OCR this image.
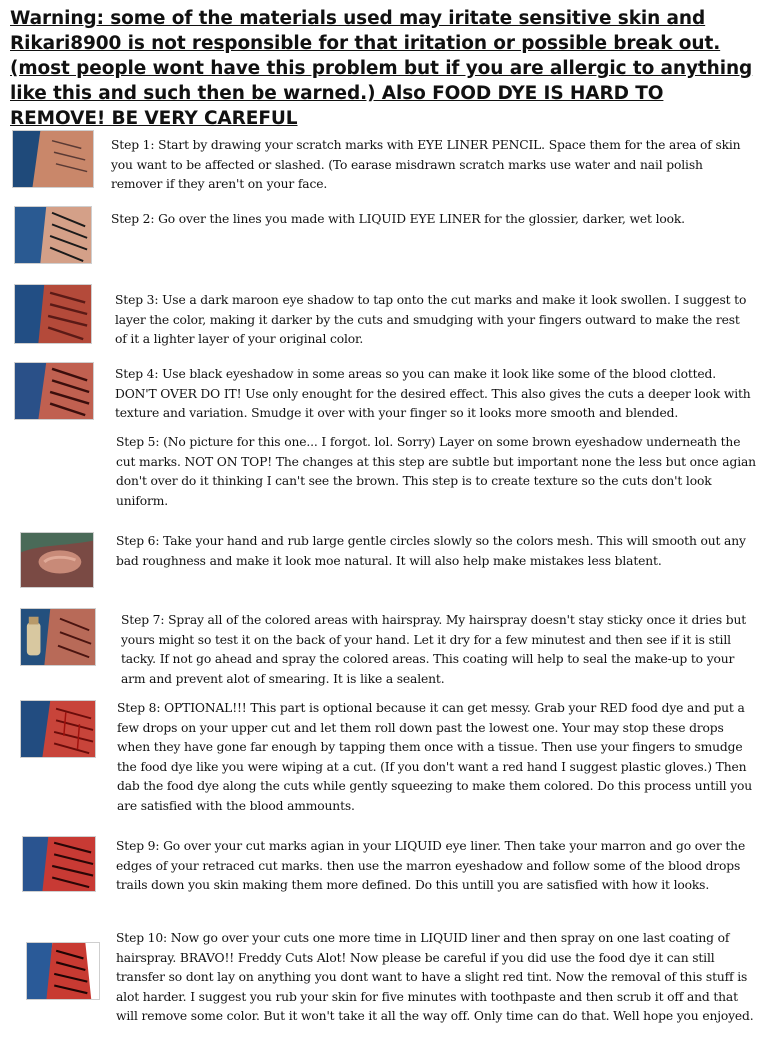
Warning: some of the materials used may iritate sensitive skin and Rikari8900 is not responsible for that iritation or possible break out. (most people wont have this problem but if you are allergic to anything like this and such then be warned.) Also FOOD DYE IS HARD TO REMOVE! BE VERY CAREFUL
Step 1: Start by drawing your scratch marks with EYE LINER PENCIL. Space them for the area of skin you want to be affected or slashed. (To earase misdrawn scratch marks use water and nail polish remover if they aren't on your face.
Step 2: Go over the lines you made with LIQUID EYE LINER for the glossier, darker, wet look.
Step 3: Use a dark maroon eye shadow to tap onto the cut marks and make it look swollen. I suggest to layer the color, making it darker by the cuts and smudging with your fingers outward to make the rest of it a lighter layer of your original color.
Step 4: Use black eyeshadow in some areas so you can make it look like some of the blood clotted. DON'T OVER DO IT! Use only enought for the desired effect. This also gives the cuts a deeper look with texture and variation. Smudge it over with your finger so it looks more smooth and blended.
Step 5: (No picture for this one... I forgot. lol. Sorry) Layer on some brown eyeshadow underneath the cut marks. NOT ON TOP! The changes at this step are subtle but important none the less but once agian don't over do it thinking I can't see the brown. This step is to create texture so the cuts don't look uniform.
Step 6: Take your hand and rub large gentle circles slowly so the colors mesh. This will smooth out any bad roughness and make it look moe natural. It will also help make mistakes less blatent.
Step 7: Spray all of the colored areas with hairspray. My hairspray doesn't stay sticky once it dries but yours might so test it on the back of your hand. Let it dry for a few minutest and then see if it is still tacky. If not go ahead and spray the colored areas. This coating will help to seal the make-up to your arm and prevent alot of smearing. It is like a sealent.
Step 8: OPTIONAL!!! This part is optional because it can get messy. Grab your RED food dye and put a few drops on your upper cut and let them roll down past the lowest one. Your may stop these drops when they have gone far enough by tapping them once with a tissue. Then use your fingers to smudge the food dye like you were wiping at a cut. (If you don't want a red hand I suggest plastic gloves.) Then dab the food dye along the cuts while gently squeezing to make them colored. Do this process untill you are satisfied with the blood ammounts.
Step 9: Go over your cut marks agian in your LIQUID eye liner. Then take your marron and go over the edges of your retraced cut marks. then use the marron eyeshadow and follow some of the blood drops trails down you skin making them more defined. Do this untill you are satisfied with how it looks.
Step 10: Now go over your cuts one more time in LIQUID liner and then spray on one last coating of hairspray. BRAVO!! Freddy Cuts Alot! Now please be careful if you did use the food dye it can still transfer so dont lay on anything you dont want to have a slight red tint. Now the removal of this stuff is alot harder. I suggest you rub your skin for five minutes with toothpaste and then scrub it off and that will remove some color. But it won't take it all the way off. Only time can do that. Well hope you enjoyed.
